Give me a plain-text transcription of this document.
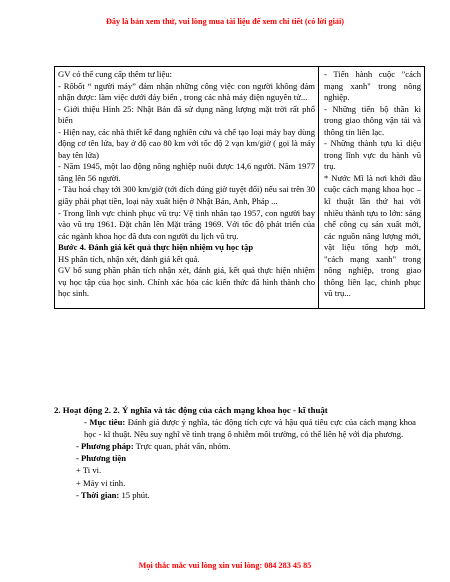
Đây là bản xem thử, vui lòng mua tài liệu để xem chi tiết (có lời giải)
GV có thể cung cấp thêm tư liệu:
- Rôbốt “ người máy” đảm nhận những công việc con người không đảm nhận được: làm việc dưới đáy biển , trong các nhà máy điện nguyên tử...
- Giới thiệu Hình 25: Nhật Bản đã sử dụng năng lượng mặt trời rất phổ biến
- Hiện nay, các nhà thiết kế đang nghiên cứu và chế tạo loại máy bay dùng động cơ tên lửa, bay ở độ cao 80 km với tốc độ 2 vạn km/giờ ( gọi là máy bay tên lửa)
- Năm 1945, một lao động nông nghiệp nuôi được 14,6 người. Năm 1977 tăng lên 56 người.
- Tàu hoả chạy tới 300 km/giờ (tới đích đúng giờ tuyệt đối) nếu sai trên 30 giây phải phạt tiền, loại này xuất hiện ở Nhật Bản, Anh, Pháp ...
- Trong lĩnh vực chinh phục vũ trụ: Vệ tinh nhân tạo 1957, con người bay vào vũ trụ 1961. Đặt chân lên Mặt trăng 1969. Với tốc độ phát triển của các ngành khoa học đã đưa con người du lịch vũ trụ.
Bước 4. Đánh giá kết quả thực hiện nhiệm vụ học tập
HS phân tích, nhận xét, đánh giá kết quả.
GV bổ sung phần phân tích nhận xét, đánh giá, kết quả thực hiện nhiệm vụ học tập của học sinh. Chính xác hóa các kiến thức đã hình thành cho học sinh.

- Tiến hành cuộc "cách mạng xanh" trong nông nghiệp.
- Những tiến bộ thần kì trong giao thông vận tải và thông tin liên lạc.
- Những thành tựu kì diệu trong lĩnh vực du hành vũ trụ.
* Nước Mĩ là nơi khởi đầu cuộc cách mạng khoa học – kĩ thuật lần thứ hai với nhiều thành tựu to lớn: sáng chế công cụ sản xuất mới, các nguồn năng lượng mới, vật liệu tổng hợp mới, "cách mạng xanh" trong nông nghiệp, trong giao thông liên lạc, chinh phục vũ trụ...
2. Hoạt động 2. 2. Ý nghĩa và tác động của cách mạng khoa học - kĩ thuật
- Mục tiêu: Đánh giá được ý nghĩa, tác động tích cực và hậu quả tiêu cực của cách mạng khoa học - kĩ thuật. Nêu suy nghĩ về tình trạng ô nhiễm môi trường, có thể liên hệ với địa phương.
- Phương pháp: Trực quan, phát vấn, nhóm.
- Phương tiện
+ Ti vi.
+ Máy vi tính.
- Thời gian: 15 phút.
Mọi thắc mắc vui lòng xin vui lòng: 084 283 45 85
